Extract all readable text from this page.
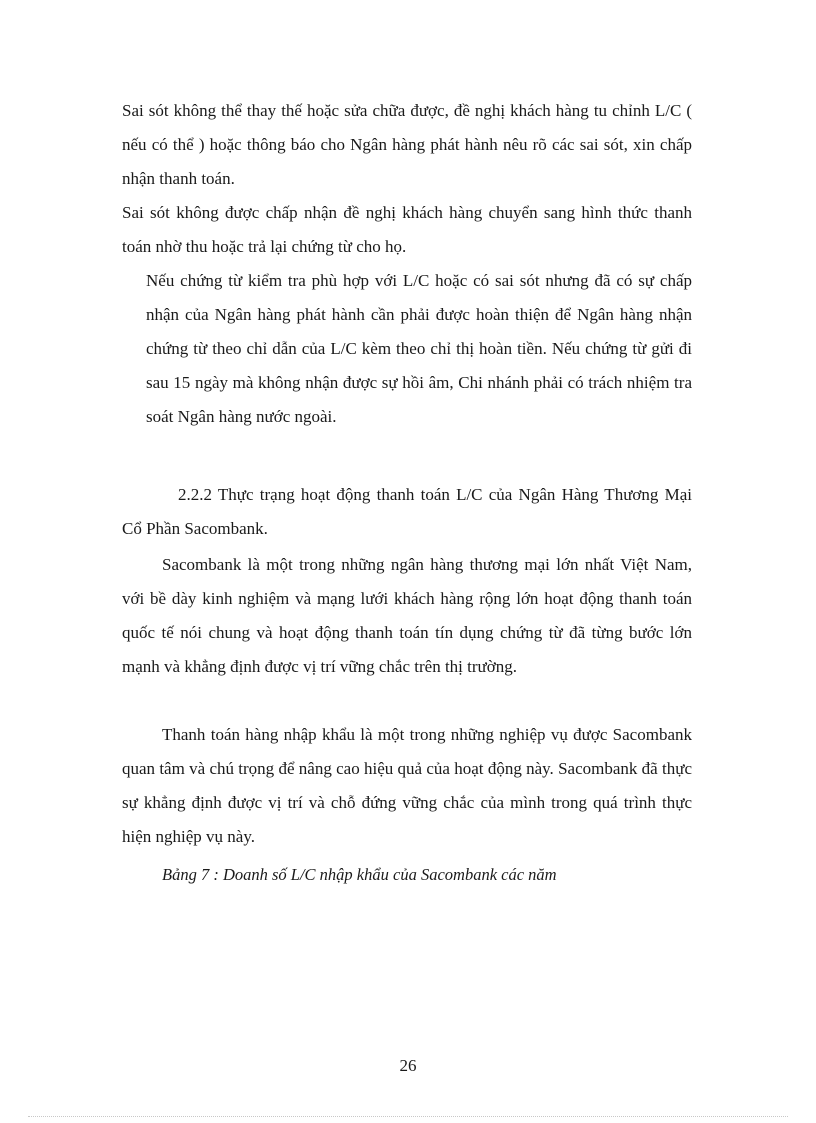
Sai sót không thể thay thế hoặc sửa chữa được, đề nghị khách hàng tu chỉnh L/C ( nếu có thể ) hoặc thông báo cho Ngân hàng phát hành nêu rõ các sai sót, xin chấp nhận thanh toán.

Sai sót không được chấp nhận đề nghị khách hàng chuyển sang hình thức thanh toán nhờ thu hoặc trả lại chứng từ cho họ.

Nếu chứng từ kiểm tra phù hợp với L/C hoặc có sai sót nhưng đã có sự chấp nhận của Ngân hàng phát hành cần phải được hoàn thiện để Ngân hàng nhận chứng từ theo chỉ dẫn của L/C kèm theo chỉ thị hoàn tiền. Nếu chứng từ gửi đi sau 15 ngày mà không nhận được sự hồi âm, Chi nhánh phải có trách nhiệm tra soát Ngân hàng nước ngoài.

2.2.2 Thực trạng hoạt động thanh toán L/C của Ngân Hàng Thương Mại Cổ Phần Sacombank.

Sacombank là một trong những ngân hàng thương mại lớn nhất Việt Nam, với bề dày kinh nghiệm và mạng lưới khách hàng rộng lớn hoạt động thanh toán quốc tế nói chung và hoạt động thanh toán tín dụng chứng từ đã từng bước lớn mạnh và khẳng định được vị trí vững chắc trên thị trường.

Thanh toán hàng nhập khẩu là một trong những nghiệp vụ được Sacombank quan tâm và chú trọng để nâng cao hiệu quả của hoạt động này. Sacombank đã thực sự khẳng định được vị trí và chỗ đứng vững chắc của mình trong quá trình thực hiện nghiệp vụ này.

Bảng 7 : Doanh số L/C nhập khẩu của Sacombank các năm

26
